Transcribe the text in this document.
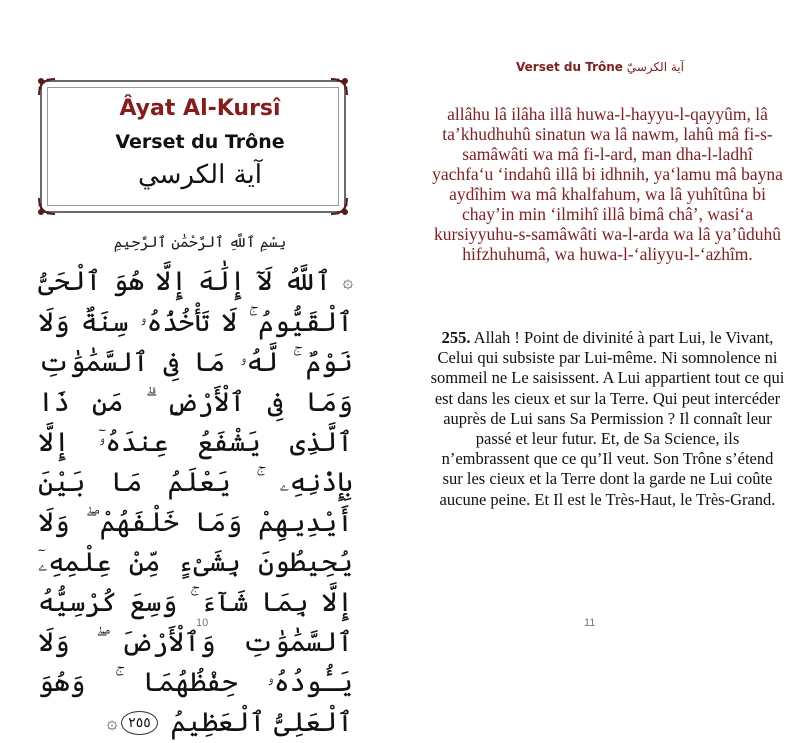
Âyat Al-Kursî
Verset du Trône
آية الكرسي
بِسْمِ ٱللَّهِ ٱلرَّحْمَٰنِ ٱلرَّحِيمِ
۞ ٱللَّهُ لَآ إِلَٰهَ إِلَّا هُوَ ٱلْحَىُّ ٱلْقَيُّومُ ۚ لَا تَأْخُذُهُۥ سِنَةٌ وَلَا نَوْمٌ ۚ لَّهُۥ مَا فِى ٱلسَّمَٰوَٰتِ وَمَا فِى ٱلْأَرْضِ ۗ مَن ذَا ٱلَّذِى يَشْفَعُ عِندَهُۥٓ إِلَّا بِإِذْنِهِۦ ۚ يَعْلَمُ مَا بَيْنَ أَيْدِيهِمْ وَمَا خَلْفَهُمْ ۖ وَلَا يُحِيطُونَ بِشَىْءٍ مِّنْ عِلْمِهِۦٓ إِلَّا بِمَا شَآءَ ۚ وَسِعَ كُرْسِيُّهُ ٱلسَّمَٰوَٰتِ وَٱلْأَرْضَ ۖ وَلَا يَـُٔودُهُۥ حِفْظُهُمَا ۚ وَهُوَ ٱلْعَلِىُّ ٱلْعَظِيمُ ٢٥٥۞
10
Verset du Trône آية الكرسيّ
allâhu lâ ilâha illâ huwa-l-hayyu-l-qayyûm, lâ ta’khudhuhû sinatun wa lâ nawm, lahû mâ fi-s-samâwâti wa mâ fi-l-ard, man dha-l-ladhî yachfa‘u ‘indahû illâ bi idhnih, ya‘lamu mâ bayna aydîhim wa mâ khalfahum, wa lâ yuhîtûna bi chay’in min ‘ilmihî illâ bimâ châ’, wasi‘a kursiyyuhu-s-samâwâti wa-l-arda wa lâ ya’ûduhû hifzhuhumâ, wa huwa-l-‘aliyyu-l-‘azhîm.
255. Allah ! Point de divinité à part Lui, le Vivant, Celui qui subsiste par Lui-même. Ni somnolence ni sommeil ne Le saisissent. A Lui appartient tout ce qui est dans les cieux et sur la Terre. Qui peut intercéder auprès de Lui sans Sa Permission ? Il connaît leur passé et leur futur. Et, de Sa Science, ils n’embrassent que ce qu’Il veut. Son Trône s’étend sur les cieux et la Terre dont la garde ne Lui coûte aucune peine. Et Il est le Très-Haut, le Très-Grand.
11
